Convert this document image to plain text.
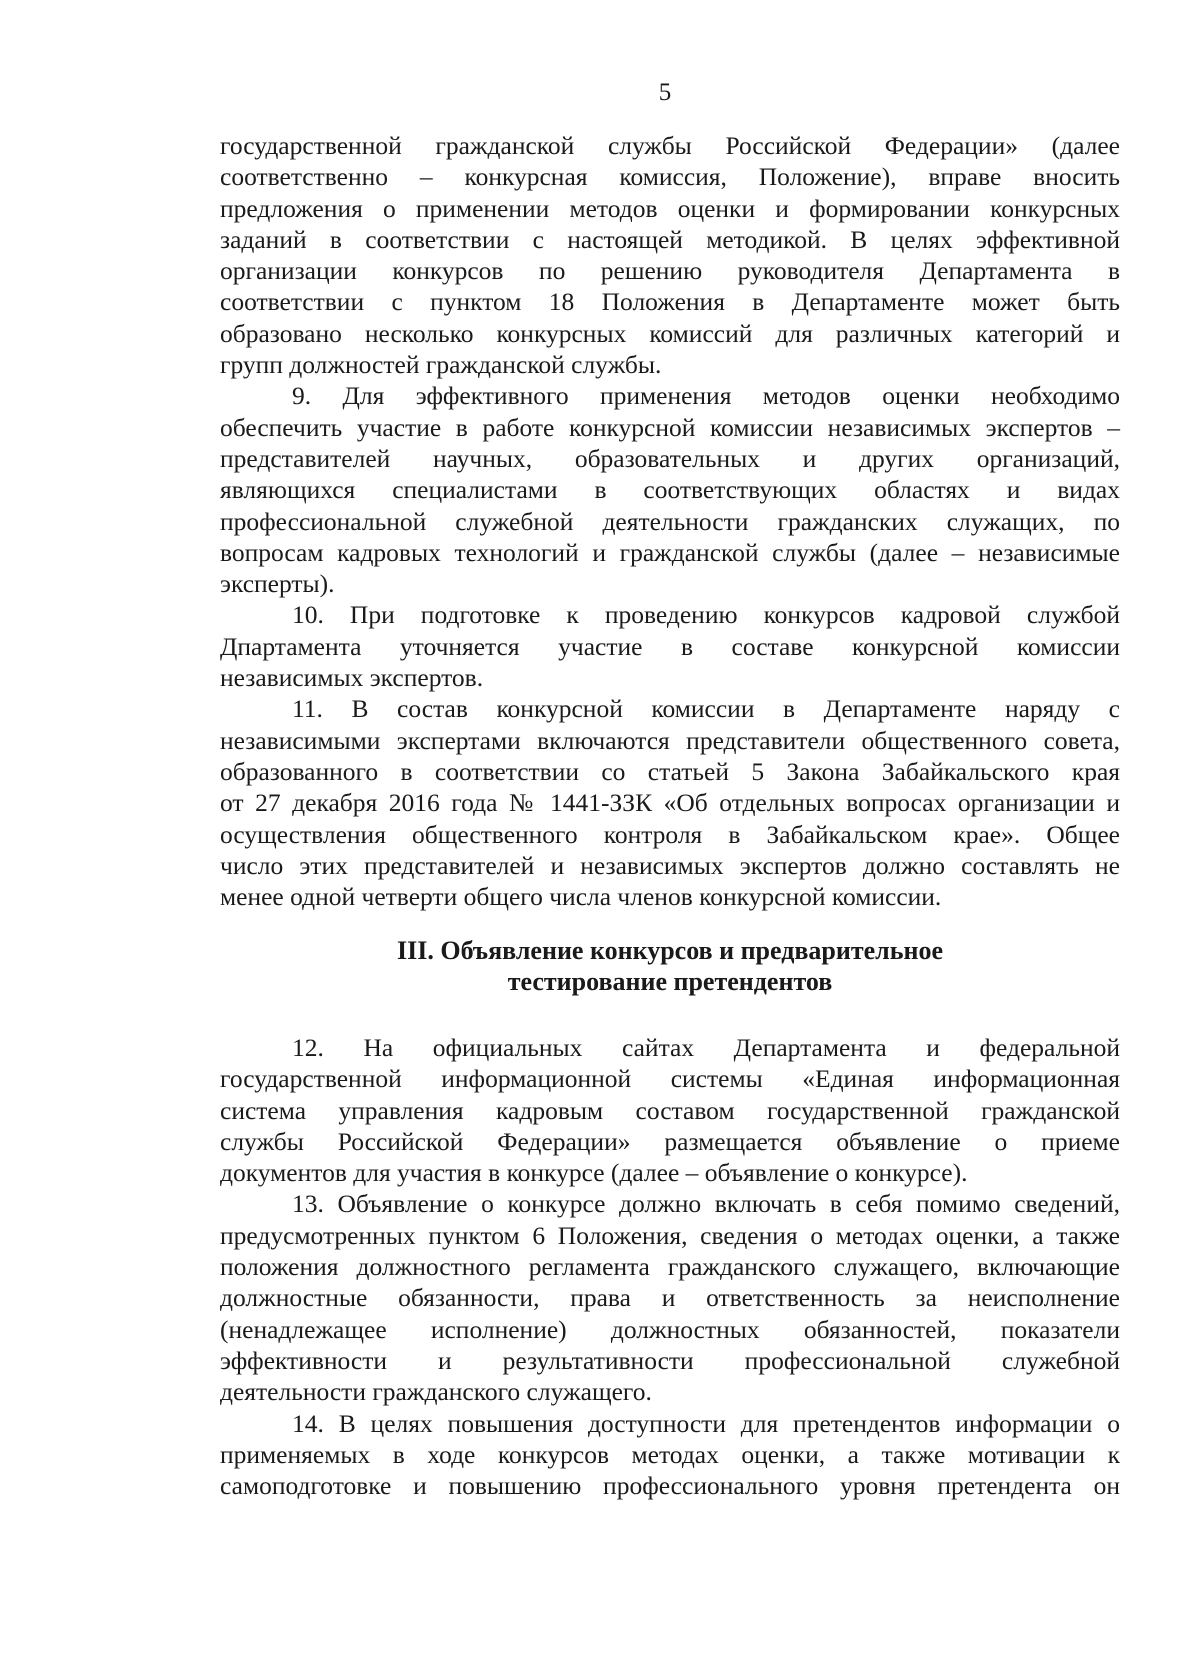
5
государственной гражданской службы Российской Федерации» (далее
соответственно – конкурсная комиссия, Положение), вправе вносить
предложения о применении методов оценки и формировании конкурсных
заданий в соответствии с настоящей методикой. В целях эффективной
организации конкурсов по решению руководителя Департамента в
соответствии с пунктом 18 Положения в Департаменте может быть
образовано несколько конкурсных комиссий для различных категорий и
групп должностей гражданской службы.
9. Для эффективного применения методов оценки необходимо
обеспечить участие в работе конкурсной комиссии независимых экспертов –
представителей научных, образовательных и других организаций,
являющихся специалистами в соответствующих областях и видах
профессиональной служебной деятельности гражданских служащих, по
вопросам кадровых технологий и гражданской службы (далее – независимые
эксперты).
10. При подготовке к проведению конкурсов кадровой службой
Дпартамента уточняется участие в составе конкурсной комиссии
независимых экспертов.
11. В состав конкурсной комиссии в Департаменте наряду с
независимыми экспертами включаются представители общественного совета,
образованного в соответствии со статьей 5 Закона Забайкальского края
от 27 декабря 2016 года № 1441-ЗЗК «Об отдельных вопросах организации и
осуществления общественного контроля в Забайкальском крае». Общее
число этих представителей и независимых экспертов должно составлять не
менее одной четверти общего числа членов конкурсной комиссии.
III. Объявление конкурсов и предварительное
тестирование претендентов
12. На официальных сайтах Департамента и федеральной
государственной информационной системы «Единая информационная
система управления кадровым составом государственной гражданской
службы Российской Федерации» размещается объявление о приеме
документов для участия в конкурсе (далее – объявление о конкурсе).
13. Объявление о конкурсе должно включать в себя помимо сведений,
предусмотренных пунктом 6 Положения, сведения о методах оценки, а также
положения должностного регламента гражданского служащего, включающие
должностные обязанности, права и ответственность за неисполнение
(ненадлежащее исполнение) должностных обязанностей, показатели
эффективности и результативности профессиональной служебной
деятельности гражданского служащего.
14. В целях повышения доступности для претендентов информации о
применяемых в ходе конкурсов методах оценки, а также мотивации к
самоподготовке и повышению профессионального уровня претендента он
